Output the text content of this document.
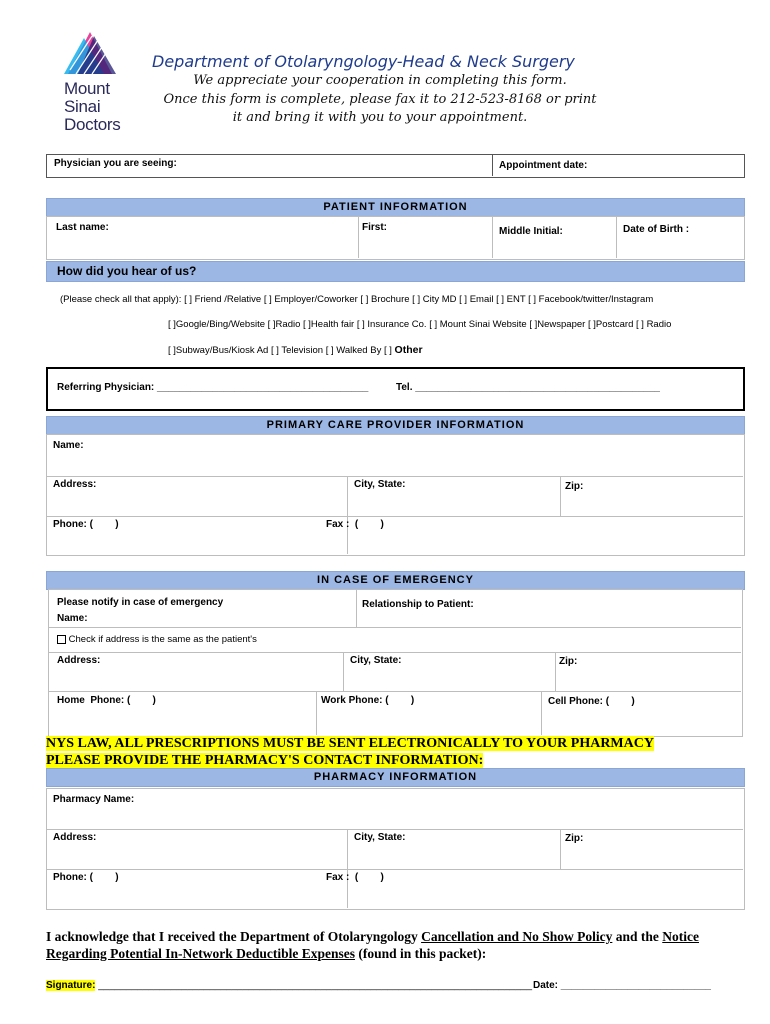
Mount
Sinai
Doctors
Department of Otolaryngology-Head & Neck Surgery
We appreciate your cooperation in completing this form.
Once this form is complete, please fax it to 212-523-8168 or print
it and bring it with you to your appointment.
Physician you are seeing:	Appointment date:
PATIENT INFORMATION
Last name:	First:	Middle Initial:	Date of Birth :
How did you hear of us?
(Please check all that apply): [ ] Friend /Relative [ ] Employer/Coworker [ ] Brochure [ ] City MD [ ] Email [ ] ENT [ ] Facebook/twitter/Instagram
[ ]Google/Bing/Website [ ]Radio [ ]Health fair [ ] Insurance Co. [ ] Mount Sinai Website [ ]Newspaper [ ]Postcard [ ] Radio
[ ]Subway/Bus/Kiosk Ad [ ] Television [ ] Walked By [ ] Other
Referring Physician: ______________________________________	Tel. ____________________________________________
PRIMARY CARE PROVIDER INFORMATION
Name:
Address:	City, State:	Zip:
Phone: (        )	Fax :  (        )
IN CASE OF EMERGENCY
Please notify in case of emergency
Name:
Relationship to Patient:
Check if address is the same as the patient's
Address:	City, State:	Zip:
Home  Phone: (        )	Work Phone: (        )	Cell Phone: (        )
NYS LAW, ALL PRESCRIPTIONS MUST BE SENT ELECTRONICALLY TO YOUR PHARMACY
PLEASE PROVIDE THE PHARMACY'S CONTACT INFORMATION:
PHARMACY INFORMATION
Pharmacy Name:
Address:	City, State:	Zip:
Phone: (        )	Fax :  (        )
I acknowledge that I received the Department of Otolaryngology Cancellation and No Show Policy and the Notice
Regarding Potential In-Network Deductible Expenses (found in this packet):
Signature: ______________________________________________________________________________ Date: ___________________________
